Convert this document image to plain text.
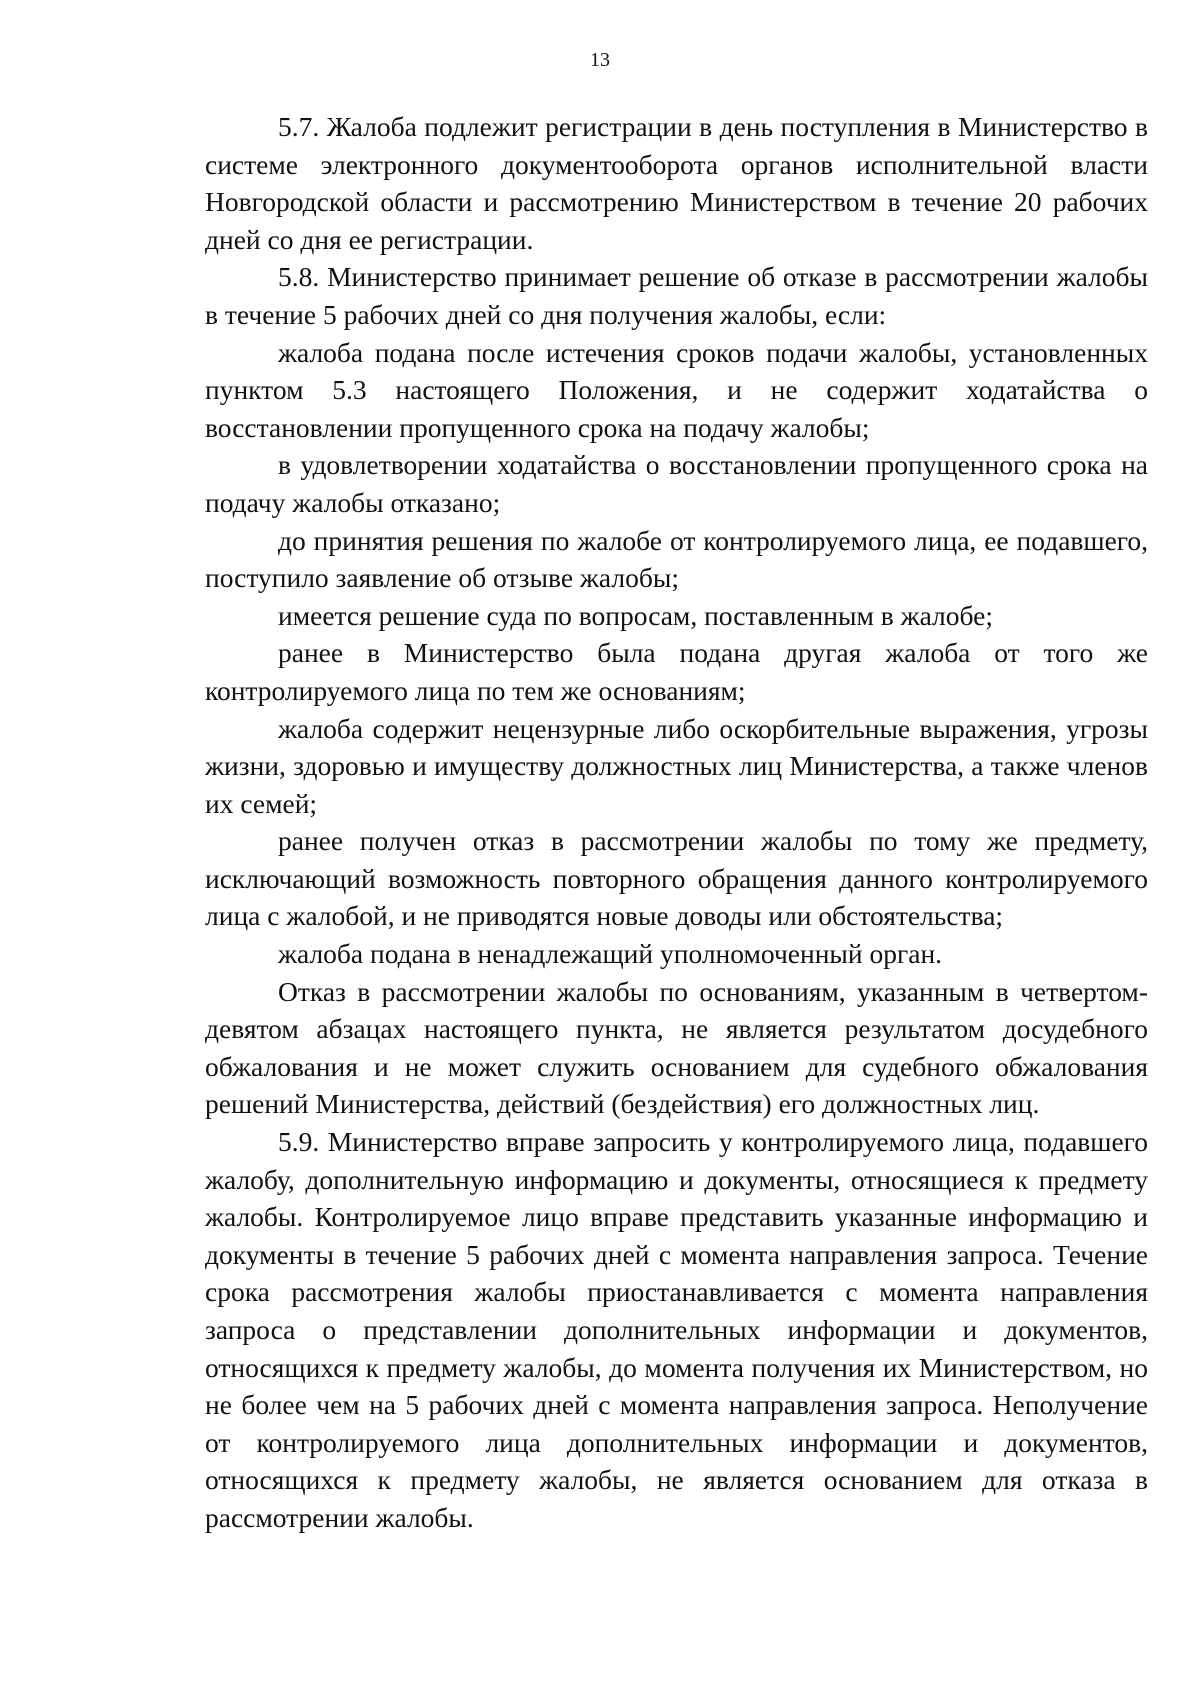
13

5.7. Жалоба подлежит регистрации в день поступления в Министерство в системе электронного документооборота органов исполнительной власти Новгородской области и рассмотрению Министерством в течение 20 рабочих дней со дня ее регистрации.

5.8. Министерство принимает решение об отказе в рассмотрении жалобы в течение 5 рабочих дней со дня получения жалобы, если:

жалоба подана после истечения сроков подачи жалобы, установленных пунктом 5.3 настоящего Положения, и не содержит ходатайства о восстановлении пропущенного срока на подачу жалобы;

в удовлетворении ходатайства о восстановлении пропущенного срока на подачу жалобы отказано;

до принятия решения по жалобе от контролируемого лица, ее подавшего, поступило заявление об отзыве жалобы;

имеется решение суда по вопросам, поставленным в жалобе;

ранее в Министерство была подана другая жалоба от того же контролируемого лица по тем же основаниям;

жалоба содержит нецензурные либо оскорбительные выражения, угрозы жизни, здоровью и имуществу должностных лиц Министерства, а также членов их семей;

ранее получен отказ в рассмотрении жалобы по тому же предмету, исключающий возможность повторного обращения данного контролируемого лица с жалобой, и не приводятся новые доводы или обстоятельства;

жалоба подана в ненадлежащий уполномоченный орган.

Отказ в рассмотрении жалобы по основаниям, указанным в четвертом-девятом абзацах настоящего пункта, не является результатом досудебного обжалования и не может служить основанием для судебного обжалования решений Министерства, действий (бездействия) его должностных лиц.

5.9. Министерство вправе запросить у контролируемого лица, подавшего жалобу, дополнительную информацию и документы, относящиеся к предмету жалобы. Контролируемое лицо вправе представить указанные информацию и документы в течение 5 рабочих дней с момента направления запроса. Течение срока рассмотрения жалобы приостанавливается с момента направления запроса о представлении дополнительных информации и документов, относящихся к предмету жалобы, до момента получения их Министерством, но не более чем на 5 рабочих дней с момента направления запроса. Неполучение от контролируемого лица дополнительных информации и документов, относящихся к предмету жалобы, не является основанием для отказа в рассмотрении жалобы.
